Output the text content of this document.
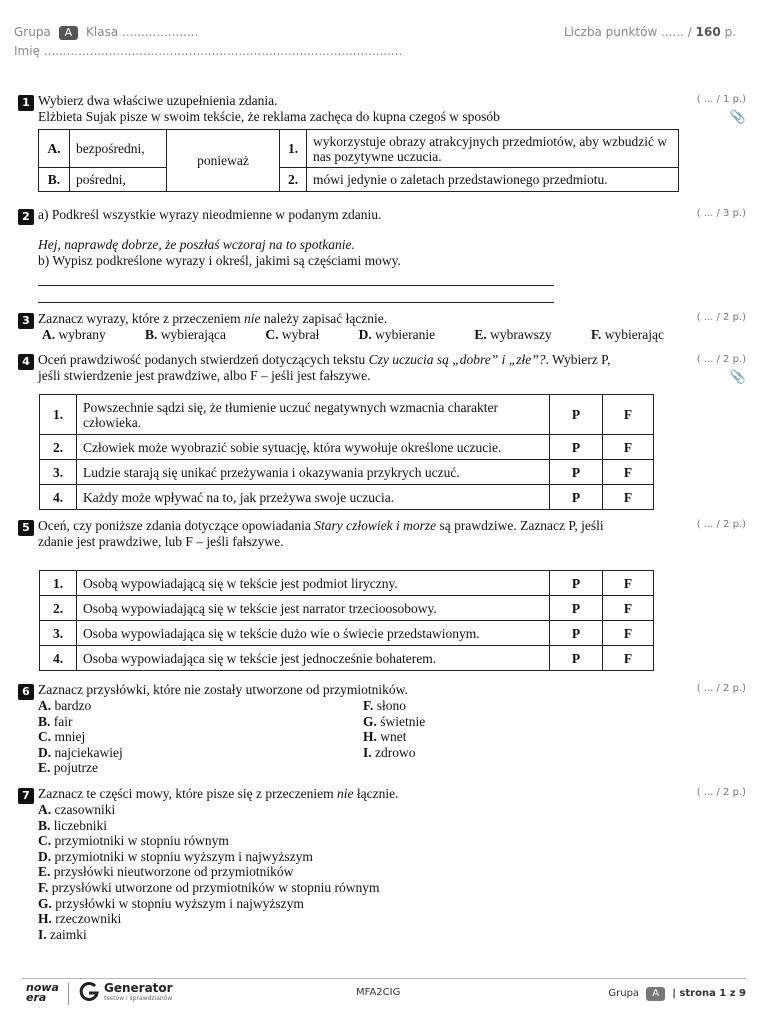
Grupa A Klasa ....................
Imię ..............................................................................................
Liczba punktów ...... / 160 p.
1 Wybierz dwa właściwe uzupełnienia zdania.
Elżbieta Sujak pisze w swoim tekście, że reklama zachęca do kupna czegoś w sposób
A.	bezpośredni,	ponieważ	1.	wykorzystuje obrazy atrakcyjnych przedmiotów, aby wzbudzić w nas pozytywne uczucia.
B.	pośredni,		2.	mówi jedynie o zaletach przedstawionego przedmiotu.
( ... / 1 p.)
📎
2 a) Podkreśl wszystkie wyrazy nieodmienne w podanym zdaniu.
Hej, naprawdę dobrze, że poszłaś wczoraj na to spotkanie.
b) Wypisz podkreślone wyrazy i określ, jakimi są częściami mowy.
( ... / 3 p.)
3 Zaznacz wyrazy, które z przeczeniem nie należy zapisać łącznie.
A. wybrany	B. wybierająca	C. wybrał	D. wybieranie	E. wybrawszy	F. wybierając
( ... / 2 p.)
4 Oceń prawdziwość podanych stwierdzeń dotyczących tekstu Czy uczucia są „dobre” i „złe”?. Wybierz P,
jeśli stwierdzenie jest prawdziwe, albo F – jeśli jest fałszywe.
1.	Powszechnie sądzi się, że tłumienie uczuć negatywnych wzmacnia charakter człowieka.	P	F
2.	Człowiek może wyobrazić sobie sytuację, która wywołuje określone uczucie.	P	F
3.	Ludzie starają się unikać przeżywania i okazywania przykrych uczuć.	P	F
4.	Każdy może wpływać na to, jak przeżywa swoje uczucia.	P	F
( ... / 2 p.)
📎
5 Oceń, czy poniższe zdania dotyczące opowiadania Stary człowiek i morze są prawdziwe. Zaznacz P, jeśli
zdanie jest prawdziwe, lub F – jeśli fałszywe.
1.	Osobą wypowiadającą się w tekście jest podmiot liryczny.	P	F
2.	Osobą wypowiadającą się w tekście jest narrator trzecioosobowy.	P	F
3.	Osoba wypowiadająca się w tekście dużo wie o świecie przedstawionym.	P	F
4.	Osoba wypowiadająca się w tekście jest jednocześnie bohaterem.	P	F
( ... / 2 p.)
6 Zaznacz przysłówki, które nie zostały utworzone od przymiotników.
A. bardzo
B. fair
C. mniej
D. najciekawiej
E. pojutrze
F. słono
G. świetnie
H. wnet
I. zdrowo
( ... / 2 p.)
7 Zaznacz te części mowy, które pisze się z przeczeniem nie łącznie.
A. czasowniki
B. liczebniki
C. przymiotniki w stopniu równym
D. przymiotniki w stopniu wyższym i najwyższym
E. przysłówki nieutworzone od przymiotników
F. przysłówki utworzone od przymiotników w stopniu równym
G. przysłówki w stopniu wyższym i najwyższym
H. rzeczowniki
I. zaimki
( ... / 2 p.)
nowa
era
Generator
testów i sprawdzianów
MFA2CIG	Grupa A | strona 1 z 9
